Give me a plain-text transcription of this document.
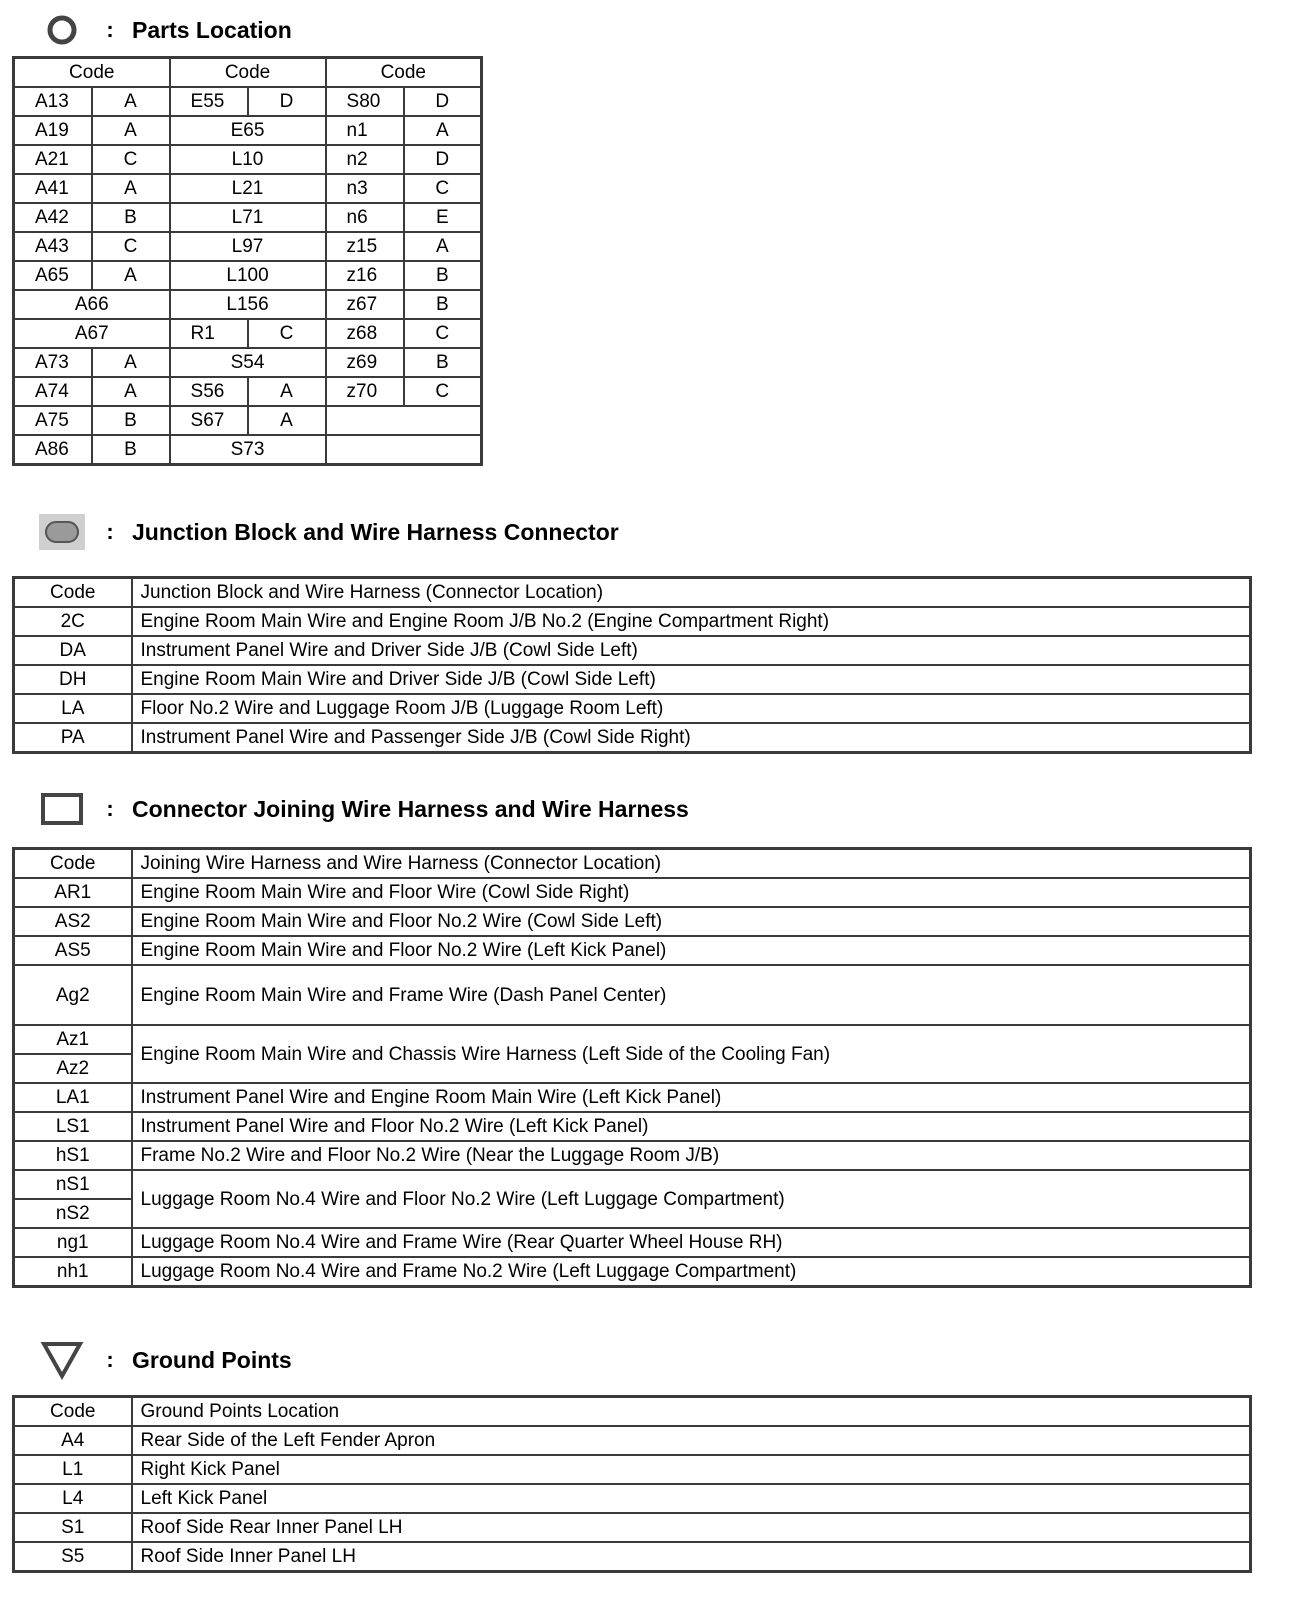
: Parts Location
Code		Code		Code	
A13	A	E55	D	S80	D
A19	A	E65		n1	A
A21	C	L10		n2	D
A41	A	L21		n3	C
A42	B	L71		n6	E
A43	C	L97		z15	A
A65	A	L100		z16	B
A66		L156		z67	B
A67		R1	C	z68	C
A73	A	S54		z69	B
A74	A	S56	A	z70	C
A75	B	S67	A		
A86	B	S73			
: Junction Block and Wire Harness Connector
Code	Junction Block and Wire Harness (Connector Location)
2C	Engine Room Main Wire and Engine Room J/B No.2 (Engine Compartment Right)
DA	Instrument Panel Wire and Driver Side J/B (Cowl Side Left)
DH	Engine Room Main Wire and Driver Side J/B (Cowl Side Left)
LA	Floor No.2 Wire and Luggage Room J/B (Luggage Room Left)
PA	Instrument Panel Wire and Passenger Side J/B (Cowl Side Right)
: Connector Joining Wire Harness and Wire Harness
Code	Joining Wire Harness and Wire Harness (Connector Location)
AR1	Engine Room Main Wire and Floor Wire (Cowl Side Right)
AS2	Engine Room Main Wire and Floor No.2 Wire (Cowl Side Left)
AS5	Engine Room Main Wire and Floor No.2 Wire (Left Kick Panel)
Ag2	Engine Room Main Wire and Frame Wire (Dash Panel Center)
Az1	Engine Room Main Wire and Chassis Wire Harness (Left Side of the Cooling Fan)
Az2	
LA1	Instrument Panel Wire and Engine Room Main Wire (Left Kick Panel)
LS1	Instrument Panel Wire and Floor No.2 Wire (Left Kick Panel)
hS1	Frame No.2 Wire and Floor No.2 Wire (Near the Luggage Room J/B)
nS1	Luggage Room No.4 Wire and Floor No.2 Wire (Left Luggage Compartment)
nS2	
ng1	Luggage Room No.4 Wire and Frame Wire (Rear Quarter Wheel House RH)
nh1	Luggage Room No.4 Wire and Frame No.2 Wire (Left Luggage Compartment)
: Ground Points
Code	Ground Points Location
A4	Rear Side of the Left Fender Apron
L1	Right Kick Panel
L4	Left Kick Panel
S1	Roof Side Rear Inner Panel LH
S5	Roof Side Inner Panel LH
